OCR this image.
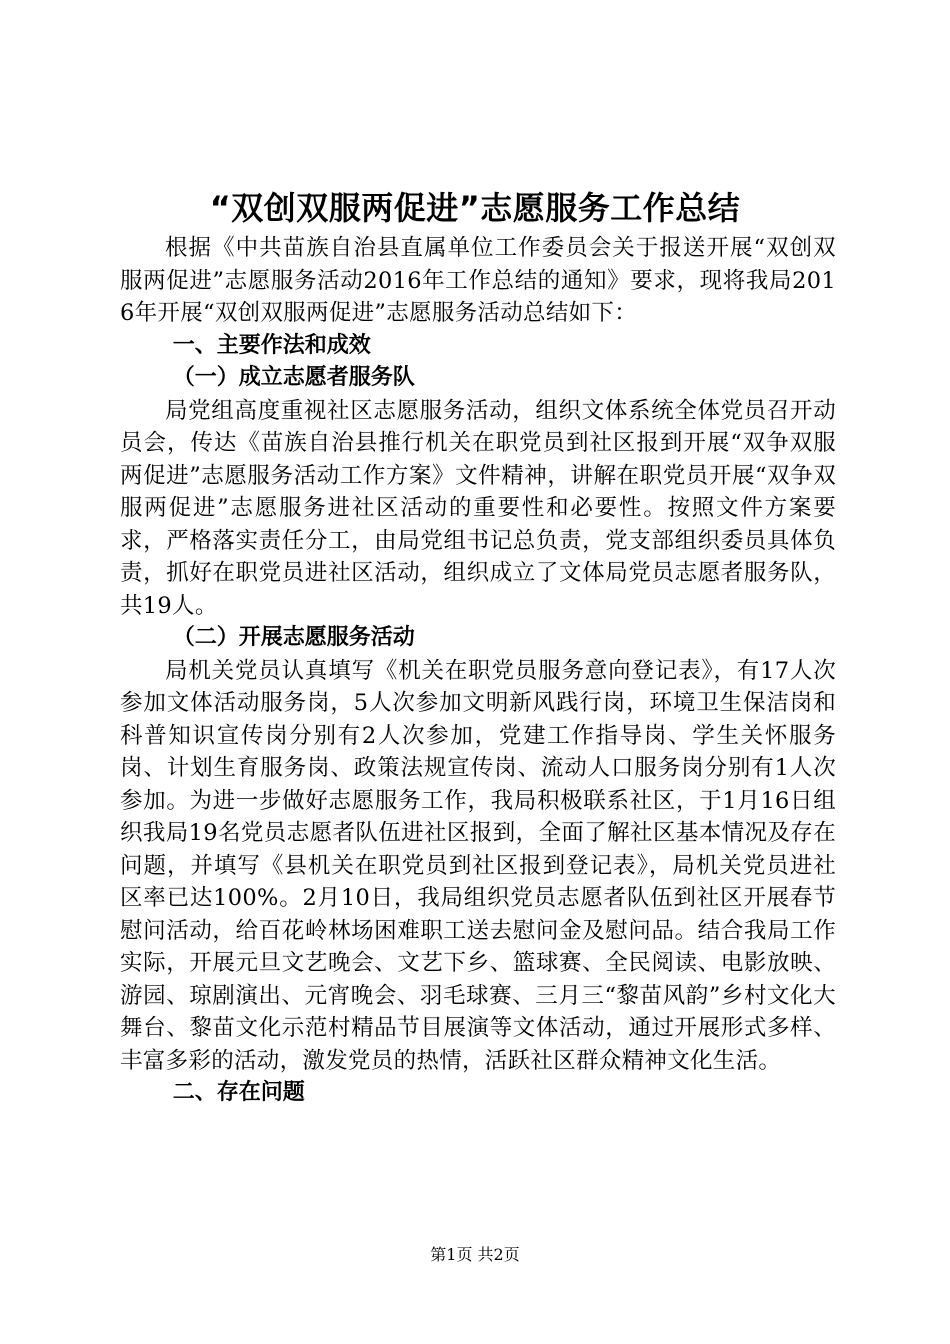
“双创双服两促进”志愿服务工作总结

根据《中共苗族自治县直属单位工作委员会关于报送开展“双创双服两促进”志愿服务活动2016年工作总结的通知》要求，现将我局2016年开展“双创双服两促进”志愿服务活动总结如下：

一、主要作法和成效

（一）成立志愿者服务队

局党组高度重视社区志愿服务活动，组织文体系统全体党员召开动员会，传达《苗族自治县推行机关在职党员到社区报到开展“双争双服两促进”志愿服务活动工作方案》文件精神，讲解在职党员开展“双争双服两促进”志愿服务进社区活动的重要性和必要性。按照文件方案要求，严格落实责任分工，由局党组书记总负责，党支部组织委员具体负责，抓好在职党员进社区活动，组织成立了文体局党员志愿者服务队，共19人。

（二）开展志愿服务活动

局机关党员认真填写《机关在职党员服务意向登记表》，有17人次参加文体活动服务岗，5人次参加文明新风践行岗，环境卫生保洁岗和科普知识宣传岗分别有2人次参加，党建工作指导岗、学生关怀服务岗、计划生育服务岗、政策法规宣传岗、流动人口服务岗分别有1人次参加。为进一步做好志愿服务工作，我局积极联系社区，于1月16日组织我局19名党员志愿者队伍进社区报到，全面了解社区基本情况及存在问题，并填写《县机关在职党员到社区报到登记表》，局机关党员进社区率已达100%。2月10日，我局组织党员志愿者队伍到社区开展春节慰问活动，给百花岭林场困难职工送去慰问金及慰问品。结合我局工作实际，开展元旦文艺晚会、文艺下乡、篮球赛、全民阅读、电影放映、游园、琼剧演出、元宵晚会、羽毛球赛、三月三“黎苗风韵”乡村文化大舞台、黎苗文化示范村精品节目展演等文体活动，通过开展形式多样、丰富多彩的活动，激发党员的热情，活跃社区群众精神文化生活。

二、存在问题

第1页 共2页
